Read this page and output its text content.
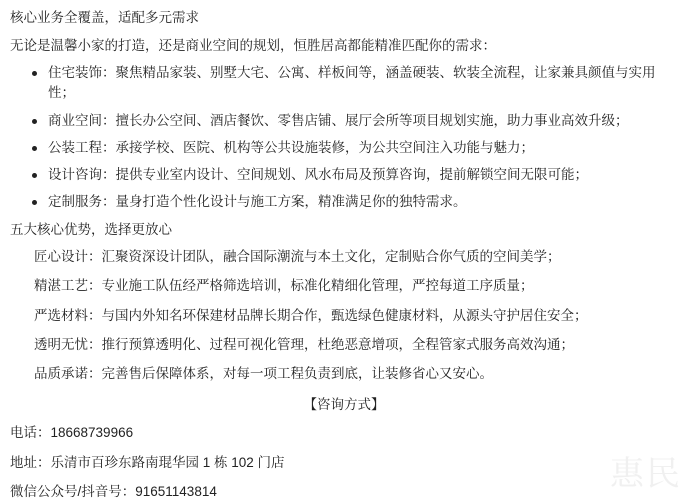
核心业务全覆盖，适配多元需求
无论是温馨小家的打造，还是商业空间的规划，恒胜居高都能精准匹配你的需求：
住宅装饰：聚焦精品家装、别墅大宅、公寓、样板间等，涵盖硬装、软装全流程，让家兼具颜值与实用性；
商业空间：擅长办公空间、酒店餐饮、零售店铺、展厅会所等项目规划实施，助力事业高效升级；
公装工程：承接学校、医院、机构等公共设施装修，为公共空间注入功能与魅力；
设计咨询：提供专业室内设计、空间规划、风水布局及预算咨询，提前解锁空间无限可能；
定制服务：量身打造个性化设计与施工方案，精准满足你的独特需求。
五大核心优势，选择更放心
匠心设计：汇聚资深设计团队，融合国际潮流与本土文化，定制贴合你气质的空间美学；
精湛工艺：专业施工队伍经严格筛选培训，标准化精细化管理，严控每道工序质量；
严选材料：与国内外知名环保建材品牌长期合作，甄选绿色健康材料，从源头守护居住安全；
透明无忧：推行预算透明化、过程可视化管理，杜绝恶意增项，全程管家式服务高效沟通；
品质承诺：完善售后保障体系，对每一项工程负责到底，让装修省心又安心。
【咨询方式】
电话：18668739966
地址：乐清市百珍东路南琨华园 1 栋 102 门店
微信公众号/抖音号：91651143814	惠民
